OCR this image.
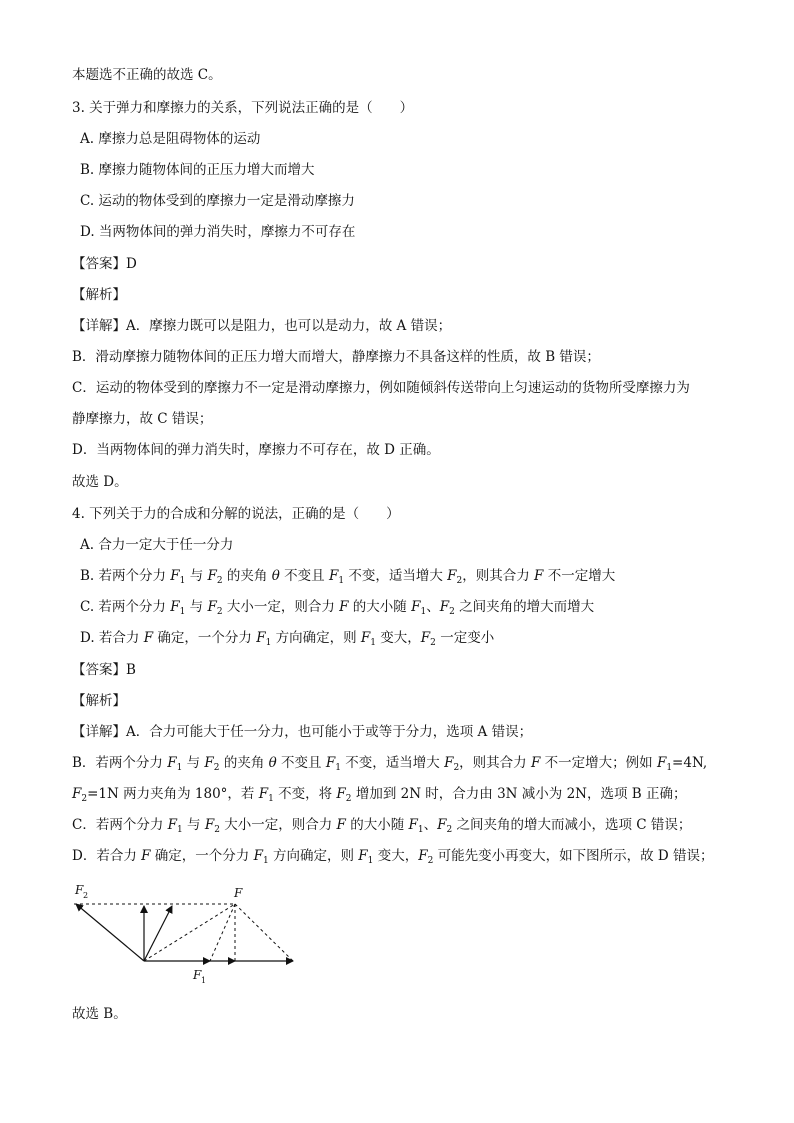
本题选不正确的故选 C。
3. 关于弹力和摩擦力的关系，下列说法正确的是（　　）
A. 摩擦力总是阻碍物体的运动
B. 摩擦力随物体间的正压力增大而增大
C. 运动的物体受到的摩擦力一定是滑动摩擦力
D. 当两物体间的弹力消失时，摩擦力不可存在
【答案】D
【解析】
【详解】A．摩擦力既可以是阻力，也可以是动力，故 A 错误；
B．滑动摩擦力随物体间的正压力增大而增大，静摩擦力不具备这样的性质，故 B 错误；
C．运动的物体受到的摩擦力不一定是滑动摩擦力，例如随倾斜传送带向上匀速运动的货物所受摩擦力为
静摩擦力，故 C 错误；
D．当两物体间的弹力消失时，摩擦力不可存在，故 D 正确。
故选 D。
4. 下列关于力的合成和分解的说法，正确的是（　　）
A. 合力一定大于任一分力
B. 若两个分力 $F_1$ 与 $F_2$ 的夹角 θ 不变且 $F_1$ 不变，适当增大 $F_2$，则其合力 F 不一定增大
C. 若两个分力 $F_1$ 与 $F_2$ 大小一定，则合力 F 的大小随 $F_1$、$F_2$ 之间夹角的增大而增大
D. 若合力 F 确定，一个分力 $F_1$ 方向确定，则 $F_1$ 变大，$F_2$ 一定变小
【答案】B
【解析】
【详解】A．合力可能大于任一分力，也可能小于或等于分力，选项 A 错误；
B．若两个分力 $F_1$ 与 $F_2$ 的夹角 θ 不变且 $F_1$ 不变，适当增大 $F_2$，则其合力 F 不一定增大；例如 $F_1=4N$,
$F_2=1N$ 两力夹角为 180°，若 $F_1$ 不变，将 $F_2$ 增加到 2N 时，合力由 3N 减小为 2N，选项 B 正确；
C．若两个分力 $F_1$ 与 $F_2$ 大小一定，则合力 F 的大小随 $F_1$、$F_2$ 之间夹角的增大而减小，选项 C 错误；
D．若合力 F 确定，一个分力 $F_1$ 方向确定，则 $F_1$ 变大，$F_2$ 可能先变小再变大，如下图所示，故 D 错误；
F 2	F
F 1
故选 B。
